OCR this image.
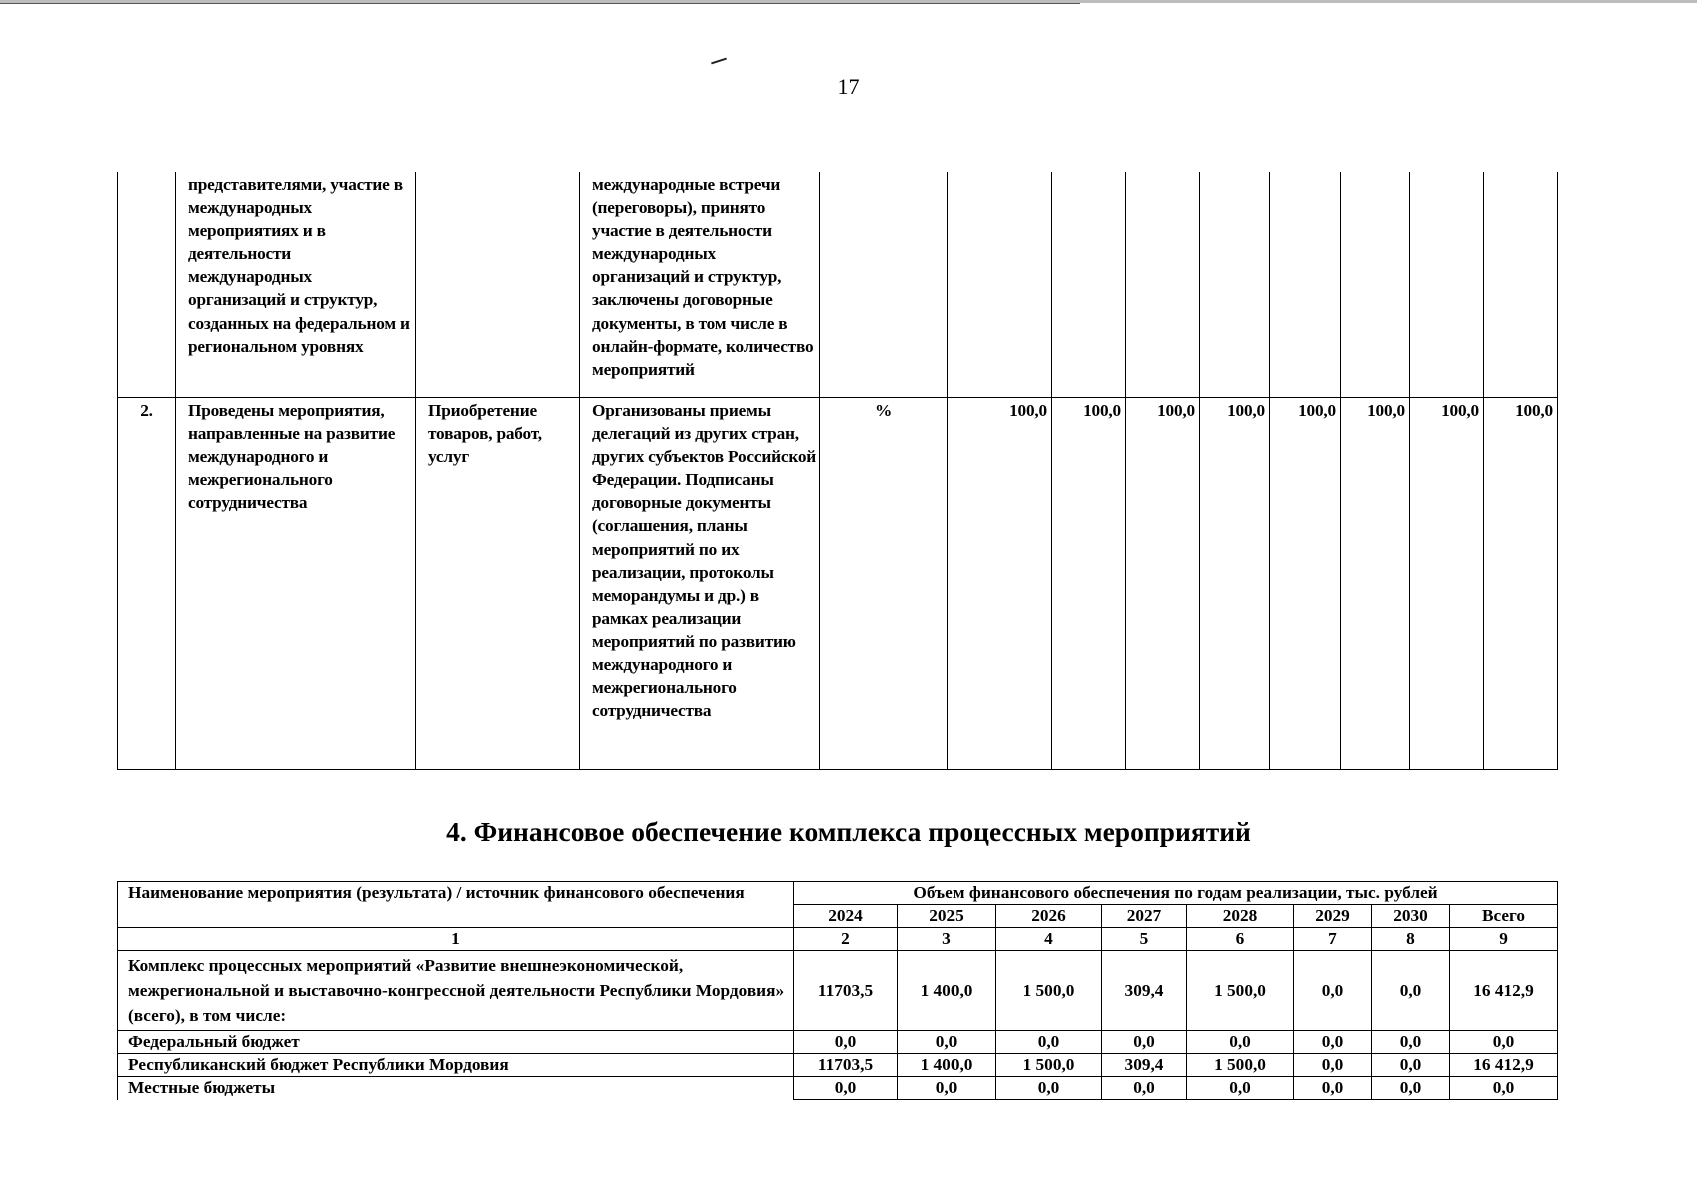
17

	представителями, участие в международных мероприятиях и в деятельности международных организаций и структур, созданных на федеральном и региональном уровнях		международные встречи (переговоры), принято участие в деятельности международных организаций и структур, заключены договорные документы, в том числе в онлайн-формате, количество мероприятий									
2.	Проведены мероприятия, направленные на развитие международного и межрегионального сотрудничества	Приобретение товаров, работ, услуг	Организованы приемы делегаций из других стран, других субъектов Российской Федерации. Подписаны договорные документы (соглашения, планы мероприятий по их реализации, протоколы меморандумы и др.) в рамках реализации мероприятий по развитию международного и межрегионального сотрудничества	%	100,0	100,0	100,0	100,0	100,0	100,0	100,0	100,0
4. Финансовое обеспечение комплекса процессных мероприятий
Наименование мероприятия (результата) / источник финансового обеспечения	Объем финансового обеспечения по годам реализации, тыс. рублей							
	2024	2025	2026	2027	2028	2029	2030	Всего
1	2	3	4	5	6	7	8	9
Комплекс процессных мероприятий «Развитие внешнеэкономической, межрегиональной и выставочно-конгрессной деятельности Республики Мордовия» (всего), в том числе:	11703,5	1 400,0	1 500,0	309,4	1 500,0	0,0	0,0	16 412,9
Федеральный бюджет	0,0	0,0	0,0	0,0	0,0	0,0	0,0	0,0
Республиканский бюджет Республики Мордовия	11703,5	1 400,0	1 500,0	309,4	1 500,0	0,0	0,0	16 412,9
Местные бюджеты	0,0	0,0	0,0	0,0	0,0	0,0	0,0	0,0
